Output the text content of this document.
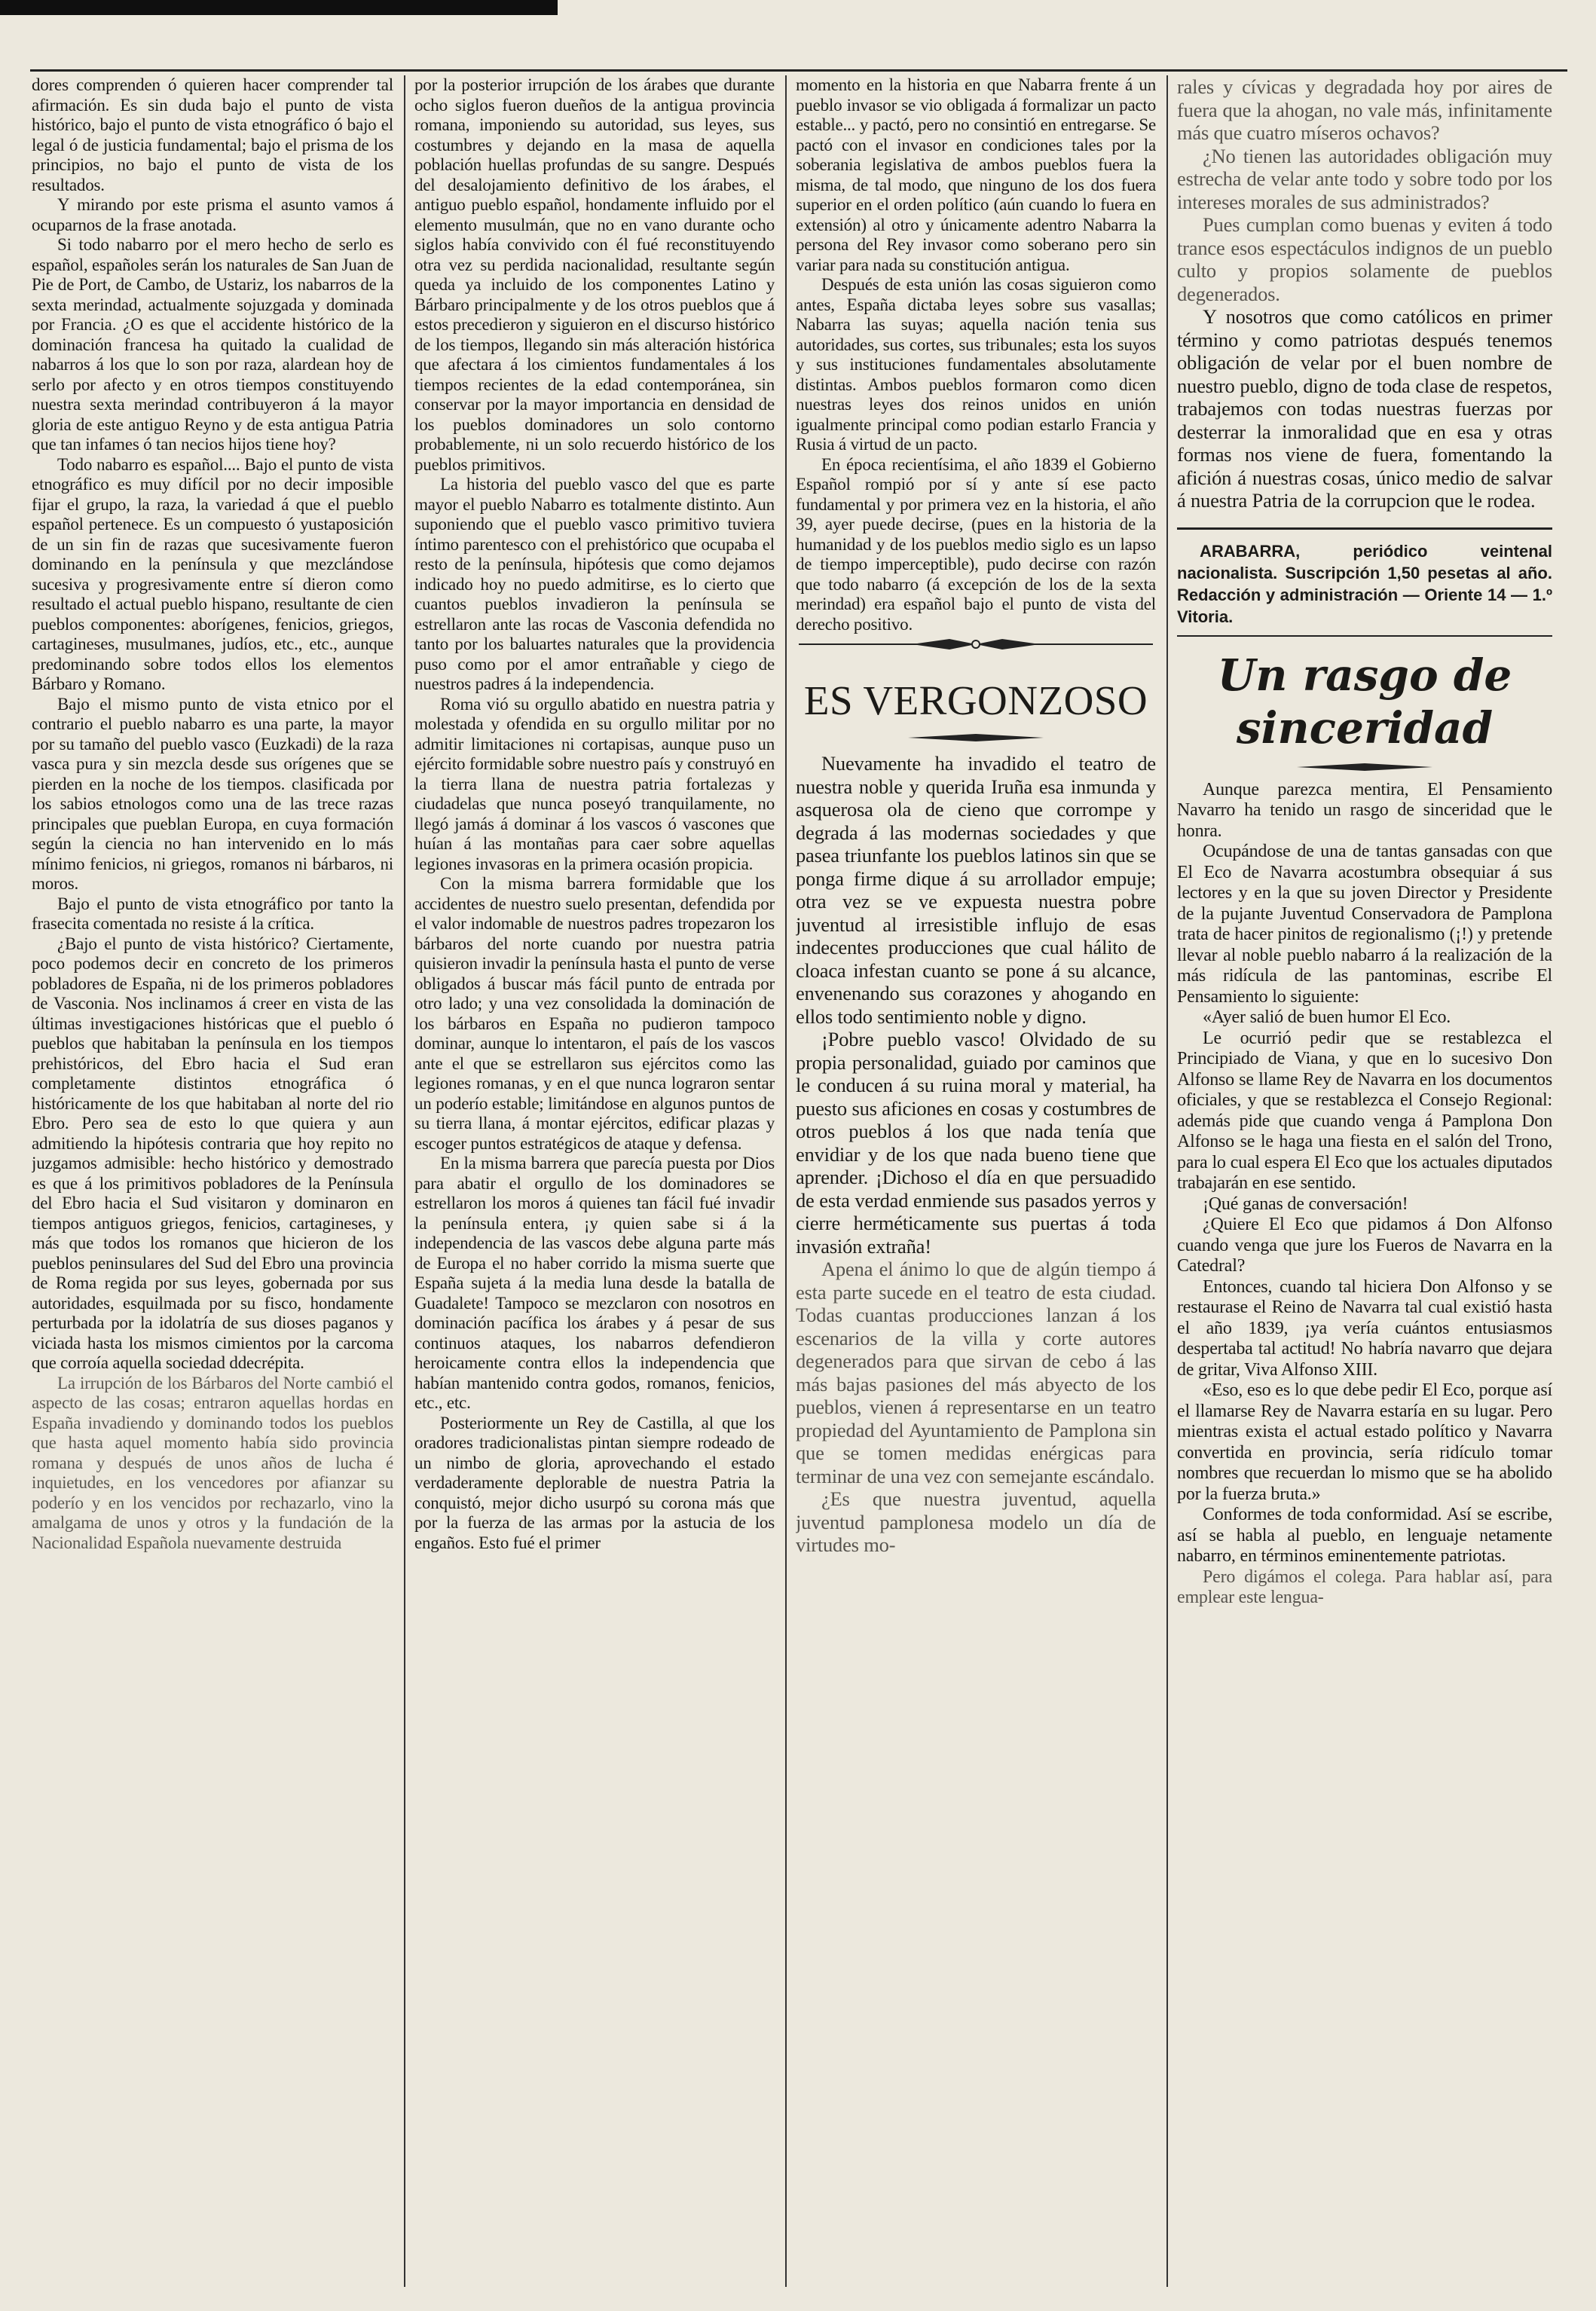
dores comprenden ó quieren hacer comprender tal afirmación. Es sin duda bajo el punto de vista histórico, bajo el punto de vista etnográfico ó bajo el legal ó de justicia fundamental; bajo el prisma de los principios, no bajo el punto de vista de los resultados.

Y mirando por este prisma el asunto vamos á ocuparnos de la frase anotada.

Si todo nabarro por el mero hecho de serlo es español, españoles serán los naturales de San Juan de Pie de Port, de Cambo, de Ustariz, los nabarros de la sexta merindad, actualmente sojuzgada y dominada por Francia. ¿O es que el accidente histórico de la dominación francesa ha quitado la cualidad de nabarros á los que lo son por raza, alardean hoy de serlo por afecto y en otros tiempos constituyendo nuestra sexta merindad contribuyeron á la mayor gloria de este antiguo Reyno y de esta antigua Patria que tan infames ó tan necios hijos tiene hoy?

Todo nabarro es español.... Bajo el punto de vista etnográfico es muy difícil por no decir imposible fijar el grupo, la raza, la variedad á que el pueblo español pertenece. Es un compuesto ó yustaposición de un sin fin de razas que sucesivamente fueron dominando en la península y que mezclándose sucesiva y progresivamente entre sí dieron como resultado el actual pueblo hispano, resultante de cien pueblos componentes: aborígenes, fenicios, griegos, cartagineses, musulmanes, judíos, etc., etc., aunque predominando sobre todos ellos los elementos Bárbaro y Romano.

Bajo el mismo punto de vista etnico por el contrario el pueblo nabarro es una parte, la mayor por su tamaño del pueblo vasco (Euzkadi) de la raza vasca pura y sin mezcla desde sus orígenes que se pierden en la noche de los tiempos. clasificada por los sabios etnologos como una de las trece razas principales que pueblan Europa, en cuya formación según la ciencia no han intervenido en lo más mínimo fenicios, ni griegos, romanos ni bárbaros, ni moros.

Bajo el punto de vista etnográfico por tanto la frasecita comentada no resiste á la crítica.

¿Bajo el punto de vista histórico? Ciertamente, poco podemos decir en concreto de los primeros pobladores de España, ni de los primeros pobladores de Vasconia. Nos inclinamos á creer en vista de las últimas investigaciones históricas que el pueblo ó pueblos que habitaban la península en los tiempos prehistóricos, del Ebro hacia el Sud eran completamente distintos etnográfica ó históricamente de los que habitaban al norte del rio Ebro. Pero sea de esto lo que quiera y aun admitiendo la hipótesis contraria que hoy repito no juzgamos admisible: hecho histórico y demostrado es que á los primitivos pobladores de la Península del Ebro hacia el Sud visitaron y dominaron en tiempos antiguos griegos, fenicios, cartagineses, y más que todos los romanos que hicieron de los pueblos peninsulares del Sud del Ebro una provincia de Roma regida por sus leyes, gobernada por sus autoridades, esquilmada por su fisco, hondamente perturbada por la idolatría de sus dioses paganos y viciada hasta los mismos cimientos por la carcoma que corroía aquella sociedad ddecrépita.

La irrupción de los Bárbaros del Norte cambió el aspecto de las cosas; entraron aquellas hordas en España invadiendo y dominando todos los pueblos que hasta aquel momento había sido provincia romana y después de unos años de lucha é inquietudes, en los vencedores por afianzar su poderío y en los vencidos por rechazarlo, vino la amalgama de unos y otros y la fundación de la Nacionalidad Española nuevamente destruida

por la posterior irrupción de los árabes que durante ocho siglos fueron dueños de la antigua provincia romana, imponiendo su autoridad, sus leyes, sus costumbres y dejando en la masa de aquella población huellas profundas de su sangre. Después del desalojamiento definitivo de los árabes, el antiguo pueblo español, hondamente influido por el elemento musulmán, que no en vano durante ocho siglos había convivido con él fué reconstituyendo otra vez su perdida nacionalidad, resultante según queda ya incluido de los componentes Latino y Bárbaro principalmente y de los otros pueblos que á estos precedieron y siguieron en el discurso histórico de los tiempos, llegando sin más alteración histórica que afectara á los cimientos fundamentales á los tiempos recientes de la edad contemporánea, sin conservar por la mayor importancia en densidad de los pueblos dominadores un solo contorno probablemente, ni un solo recuerdo histórico de los pueblos primitivos.

La historia del pueblo vasco del que es parte mayor el pueblo Nabarro es totalmente distinto. Aun suponiendo que el pueblo vasco primitivo tuviera íntimo parentesco con el prehistórico que ocupaba el resto de la península, hipótesis que como dejamos indicado hoy no puedo admitirse, es lo cierto que cuantos pueblos invadieron la península se estrellaron ante las rocas de Vasconia defendida no tanto por los baluartes naturales que la providencia puso como por el amor entrañable y ciego de nuestros padres á la independencia.

Roma vió su orgullo abatido en nuestra patria y molestada y ofendida en su orgullo militar por no admitir limitaciones ni cortapisas, aunque puso un ejército formidable sobre nuestro país y construyó en la tierra llana de nuestra patria fortalezas y ciudadelas que nunca poseyó tranquilamente, no llegó jamás á dominar á los vascos ó vascones que huían á las montañas para caer sobre aquellas legiones invasoras en la primera ocasión propicia.

Con la misma barrera formidable que los accidentes de nuestro suelo presentan, defendida por el valor indomable de nuestros padres tropezaron los bárbaros del norte cuando por nuestra patria quisieron invadir la península hasta el punto de verse obligados á buscar más fácil punto de entrada por otro lado; y una vez consolidada la dominación de los bárbaros en España no pudieron tampoco dominar, aunque lo intentaron, el país de los vascos ante el que se estrellaron sus ejércitos como las legiones romanas, y en el que nunca lograron sentar un poderío estable; limitándose en algunos puntos de su tierra llana, á montar ejércitos, edificar plazas y escoger puntos estratégicos de ataque y defensa.

En la misma barrera que parecía puesta por Dios para abatir el orgullo de los dominadores se estrellaron los moros á quienes tan fácil fué invadir la península entera, ¡y quien sabe si á la independencia de las vascos debe alguna parte más de Europa el no haber corrido la misma suerte que España sujeta á la media luna desde la batalla de Guadalete! Tampoco se mezclaron con nosotros en dominación pacífica los árabes y á pesar de sus continuos ataques, los nabarros defendieron heroicamente contra ellos la independencia que habían mantenido contra godos, romanos, fenicios, etc., etc.

Posteriormente un Rey de Castilla, al que los oradores tradicionalistas pintan siempre rodeado de un nimbo de gloria, aprovechando el estado verdaderamente deplorable de nuestra Patria la conquistó, mejor dicho usurpó su corona más que por la fuerza de las armas por la astucia de los engaños. Esto fué el primer

momento en la historia en que Nabarra frente á un pueblo invasor se vio obligada á formalizar un pacto estable... y pactó, pero no consintió en entregarse. Se pactó con el invasor en condiciones tales por la soberania legislativa de ambos pueblos fuera la misma, de tal modo, que ninguno de los dos fuera superior en el orden político (aún cuando lo fuera en extensión) al otro y únicamente adentro Nabarra la persona del Rey invasor como soberano pero sin variar para nada su constitución antigua.

Después de esta unión las cosas siguieron como antes, España dictaba leyes sobre sus vasallas; Nabarra las suyas; aquella nación tenia sus autoridades, sus cortes, sus tribunales; esta los suyos y sus instituciones fundamentales absolutamente distintas. Ambos pueblos formaron como dicen nuestras leyes dos reinos unidos en unión igualmente principal como podian estarlo Francia y Rusia á virtud de un pacto.

En época recientísima, el año 1839 el Gobierno Español rompió por sí y ante sí ese pacto fundamental y por primera vez en la historia, el año 39, ayer puede decirse, (pues en la historia de la humanidad y de los pueblos medio siglo es un lapso de tiempo imperceptible), pudo decirse con razón que todo nabarro (á excepción de los de la sexta merindad) era español bajo el punto de vista del derecho positivo.

ES VERGONZOSO

Nuevamente ha invadido el teatro de nuestra noble y querida Iruña esa inmunda y asquerosa ola de cieno que corrompe y degrada á las modernas sociedades y que pasea triunfante los pueblos latinos sin que se ponga firme dique á su arrollador empuje; otra vez se ve expuesta nuestra pobre juventud al irresistible influjo de esas indecentes producciones que cual hálito de cloaca infestan cuanto se pone á su alcance, envenenando sus corazones y ahogando en ellos todo sentimiento noble y digno.

¡Pobre pueblo vasco! Olvidado de su propia personalidad, guiado por caminos que le conducen á su ruina moral y material, ha puesto sus aficiones en cosas y costumbres de otros pueblos á los que nada tenía que envidiar y de los que nada bueno tiene que aprender. ¡Dichoso el día en que persuadido de esta verdad enmiende sus pasados yerros y cierre herméticamente sus puertas á toda invasión extraña!

Apena el ánimo lo que de algún tiempo á esta parte sucede en el teatro de esta ciudad. Todas cuantas producciones lanzan á los escenarios de la villa y corte autores degenerados para que sirvan de cebo á las más bajas pasiones del más abyecto de los pueblos, vienen á representarse en un teatro propiedad del Ayuntamiento de Pamplona sin que se tomen medidas enérgicas para terminar de una vez con semejante escándalo.

¿Es que nuestra juventud, aquella juventud pamplonesa modelo un día de virtudes mo-

rales y cívicas y degradada hoy por aires de fuera que la ahogan, no vale más, infinitamente más que cuatro míseros ochavos?

¿No tienen las autoridades obligación muy estrecha de velar ante todo y sobre todo por los intereses morales de sus administrados?

Pues cumplan como buenas y eviten á todo trance esos espectáculos indignos de un pueblo culto y propios solamente de pueblos degenerados.

Y nosotros que como católicos en primer término y como patriotas después tenemos obligación de velar por el buen nombre de nuestro pueblo, digno de toda clase de respetos, trabajemos con todas nuestras fuerzas por desterrar la inmoralidad que en esa y otras formas nos viene de fuera, fomentando la afición á nuestras cosas, único medio de salvar á nuestra Patria de la corrupcion que le rodea.

ARABARRA, periódico veintenal nacionalista. Suscripción 1,50 pesetas al año. Redacción y administración — Oriente 14 — 1.º Vitoria.

Un rasgo de sinceridad

Aunque parezca mentira, El Pensamiento Navarro ha tenido un rasgo de sinceridad que le honra.

Ocupándose de una de tantas gansadas con que El Eco de Navarra acostumbra obsequiar á sus lectores y en la que su joven Director y Presidente de la pujante Juventud Conservadora de Pamplona trata de hacer pinitos de regionalismo (¡!) y pretende llevar al noble pueblo nabarro á la realización de la más ridícula de las pantominas, escribe El Pensamiento lo siguiente:

«Ayer salió de buen humor El Eco.

Le ocurrió pedir que se restablezca el Principiado de Viana, y que en lo sucesivo Don Alfonso se llame Rey de Navarra en los documentos oficiales, y que se restablezca el Consejo Regional: además pide que cuando venga á Pamplona Don Alfonso se le haga una fiesta en el salón del Trono, para lo cual espera El Eco que los actuales diputados trabajarán en ese sentido.

¡Qué ganas de conversación!

¿Quiere El Eco que pidamos á Don Alfonso cuando venga que jure los Fueros de Navarra en la Catedral?

Entonces, cuando tal hiciera Don Alfonso y se restaurase el Reino de Navarra tal cual existió hasta el año 1839, ¡ya vería cuántos entusiasmos despertaba tal actitud! No habría navarro que dejara de gritar, Viva Alfonso XIII.

«Eso, eso es lo que debe pedir El Eco, porque así el llamarse Rey de Navarra estaría en su lugar. Pero mientras exista el actual estado político y Navarra convertida en provincia, sería ridículo tomar nombres que recuerdan lo mismo que se ha abolido por la fuerza bruta.»

Conformes de toda conformidad. Así se escribe, así se habla al pueblo, en lenguaje netamente nabarro, en términos eminentemente patriotas.

Pero digámos el colega. Para hablar así, para emplear este lengua-
